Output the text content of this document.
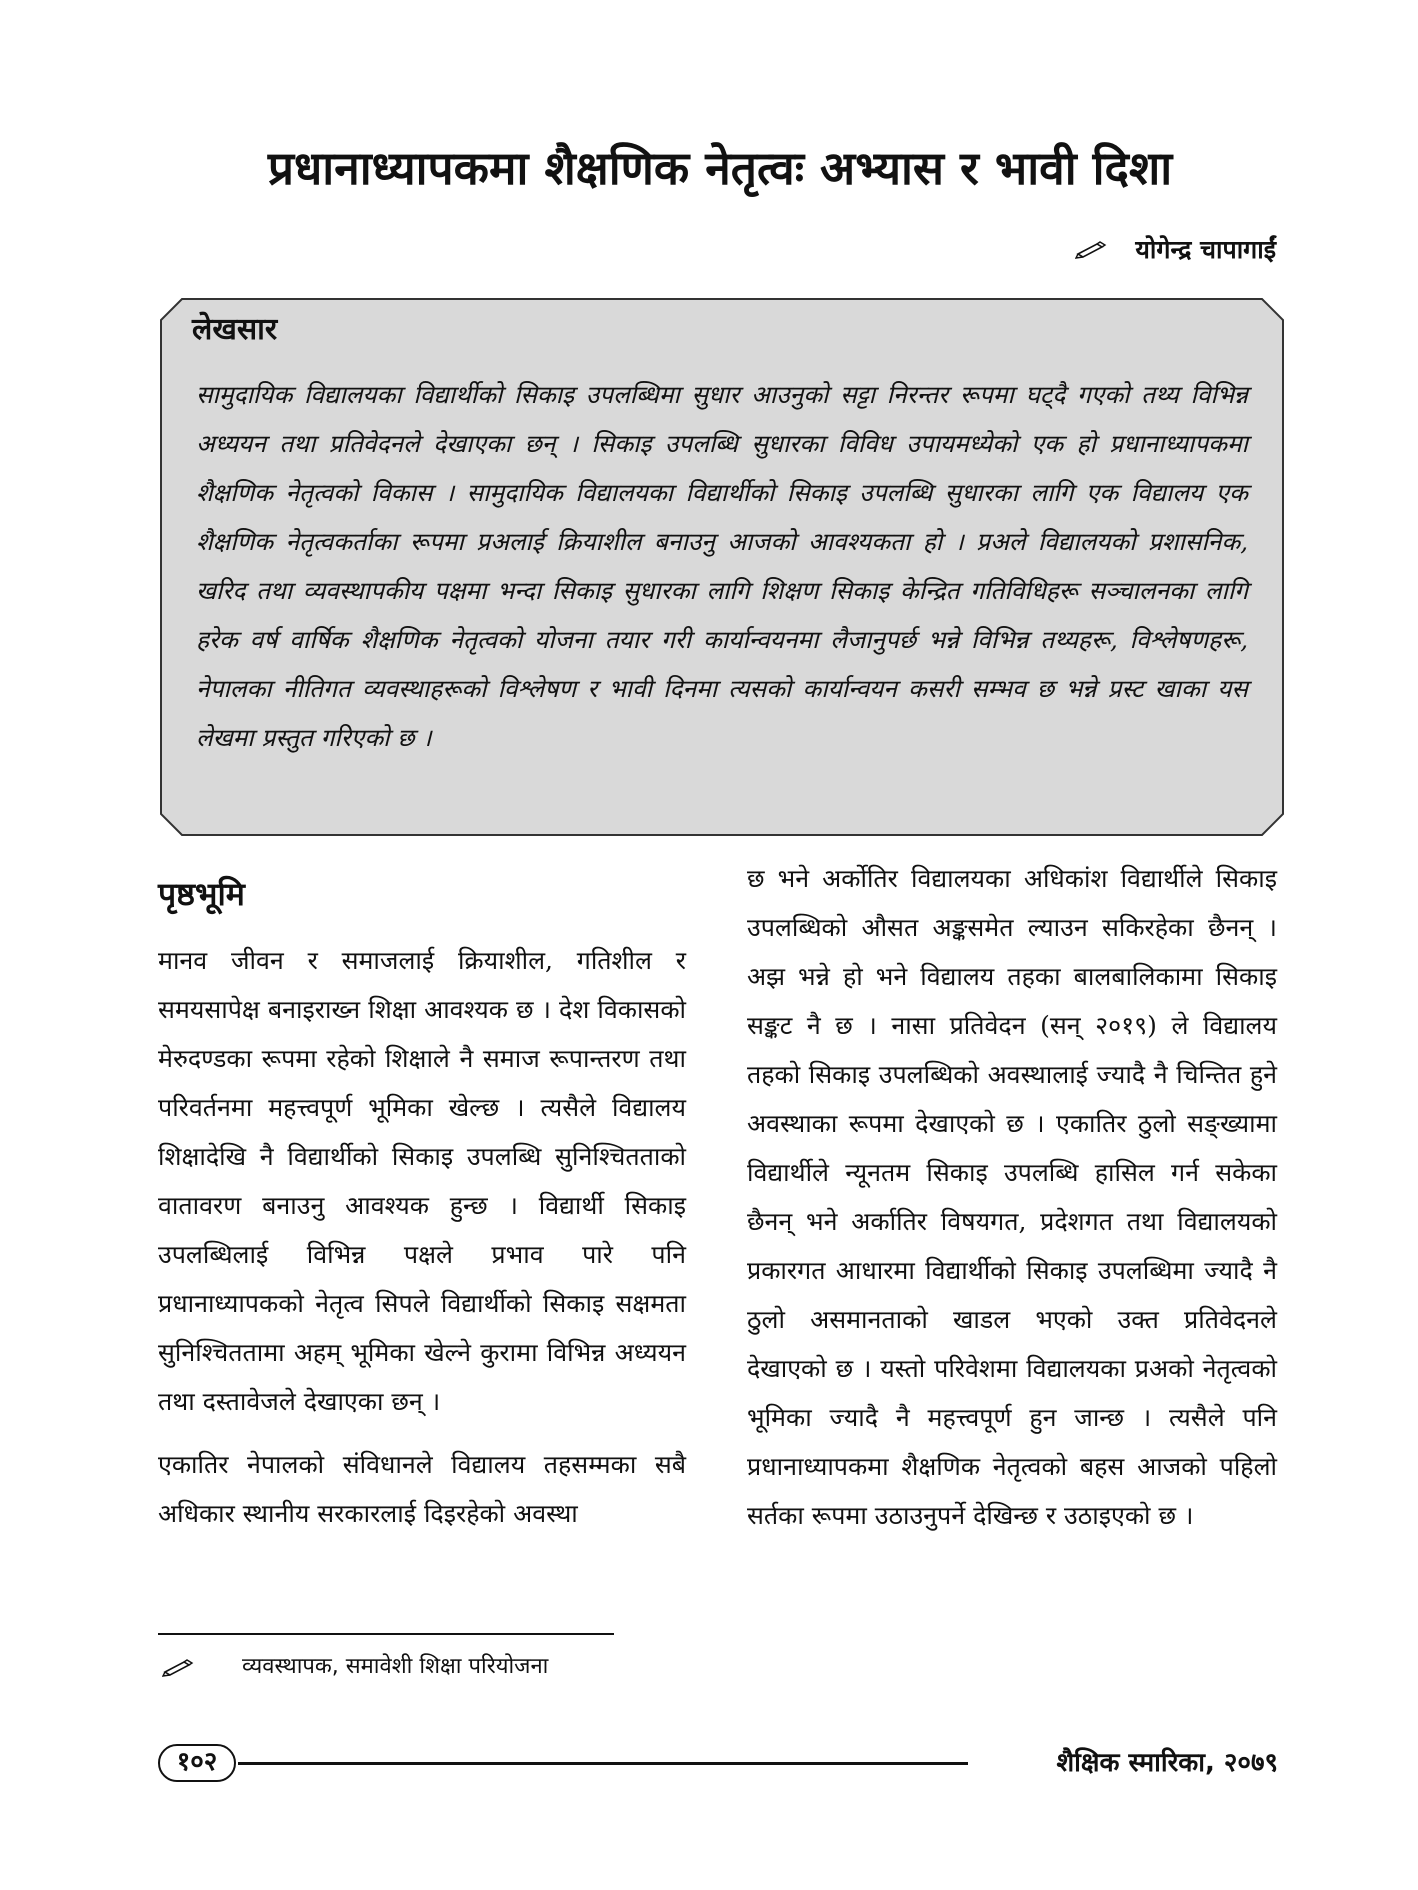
प्रधानाध्यापकमा शैक्षणिक नेतृत्वः अभ्यास र भावी दिशा
योगेन्द्र चापागाईं
लेखसार
सामुदायिक विद्यालयका विद्यार्थीको सिकाइ उपलब्धिमा सुधार आउनुको सट्टा निरन्तर रूपमा घट्दै गएको तथ्य विभिन्न अध्ययन तथा प्रतिवेदनले देखाएका छन् । सिकाइ उपलब्धि सुधारका विविध उपायमध्येको एक हो प्रधानाध्यापकमा शैक्षणिक नेतृत्वको विकास । सामुदायिक विद्यालयका विद्यार्थीको सिकाइ उपलब्धि सुधारका लागि एक विद्यालय एक शैक्षणिक नेतृत्वकर्ताका रूपमा प्रअलाई क्रियाशील बनाउनु आजको आवश्यकता हो । प्रअले विद्यालयको प्रशासनिक, खरिद तथा व्यवस्थापकीय पक्षमा भन्दा सिकाइ सुधारका लागि शिक्षण सिकाइ केन्द्रित गतिविधिहरू सञ्चालनका लागि हरेक वर्ष वार्षिक शैक्षणिक नेतृत्वको योजना तयार गरी कार्यान्वयनमा लैजानुपर्छ भन्ने विभिन्न तथ्यहरू, विश्लेषणहरू, नेपालका नीतिगत व्यवस्थाहरूको विश्लेषण र भावी दिनमा त्यसको कार्यान्वयन कसरी सम्भव छ भन्ने प्रस्ट खाका यस लेखमा प्रस्तुत गरिएको छ ।
पृष्ठभूमि

मानव जीवन र समाजलाई क्रियाशील, गतिशील र समयसापेक्ष बनाइराख्न शिक्षा आवश्यक छ । देश विकासको मेरुदण्डका रूपमा रहेको शिक्षाले नै समाज रूपान्तरण तथा परिवर्तनमा महत्त्वपूर्ण भूमिका खेल्छ । त्यसैले विद्यालय शिक्षादेखि नै विद्यार्थीको सिकाइ उपलब्धि सुनिश्चितताको वातावरण बनाउनु आवश्यक हुन्छ । विद्यार्थी सिकाइ उपलब्धिलाई विभिन्न पक्षले प्रभाव पारे पनि प्रधानाध्यापकको नेतृत्व सिपले विद्यार्थीको सिकाइ सक्षमता सुनिश्चिततामा अहम् भूमिका खेल्ने कुरामा विभिन्न अध्ययन तथा दस्तावेजले देखाएका छन् ।

एकातिर नेपालको संविधानले विद्यालय तहसम्मका सबै अधिकार स्थानीय सरकारलाई दिइरहेको अवस्था

छ भने अर्कोतिर विद्यालयका अधिकांश विद्यार्थीले सिकाइ उपलब्धिको औसत अङ्कसमेत ल्याउन सकिरहेका छैनन् । अझ भन्ने हो भने विद्यालय तहका बालबालिकामा सिकाइ सङ्कट नै छ । नासा प्रतिवेदन (सन् २०१९) ले विद्यालय तहको सिकाइ उपलब्धिको अवस्थालाई ज्यादै नै चिन्तित हुने अवस्थाका रूपमा देखाएको छ । एकातिर ठुलो सङ्ख्यामा विद्यार्थीले न्यूनतम सिकाइ उपलब्धि हासिल गर्न सकेका छैनन् भने अर्कातिर विषयगत, प्रदेशगत तथा विद्यालयको प्रकारगत आधारमा विद्यार्थीको सिकाइ उपलब्धिमा ज्यादै नै ठुलो असमानताको खाडल भएको उक्त प्रतिवेदनले देखाएको छ । यस्तो परिवेशमा विद्यालयका प्रअको नेतृत्वको भूमिका ज्यादै नै महत्त्वपूर्ण हुन जान्छ । त्यसैले पनि प्रधानाध्यापकमा शैक्षणिक नेतृत्वको बहस आजको पहिलो सर्तका रूपमा उठाउनुपर्ने देखिन्छ र उठाइएको छ ।

व्यवस्थापक, समावेशी शिक्षा परियोजना
१०२	शैक्षिक स्मारिका, २०७९
